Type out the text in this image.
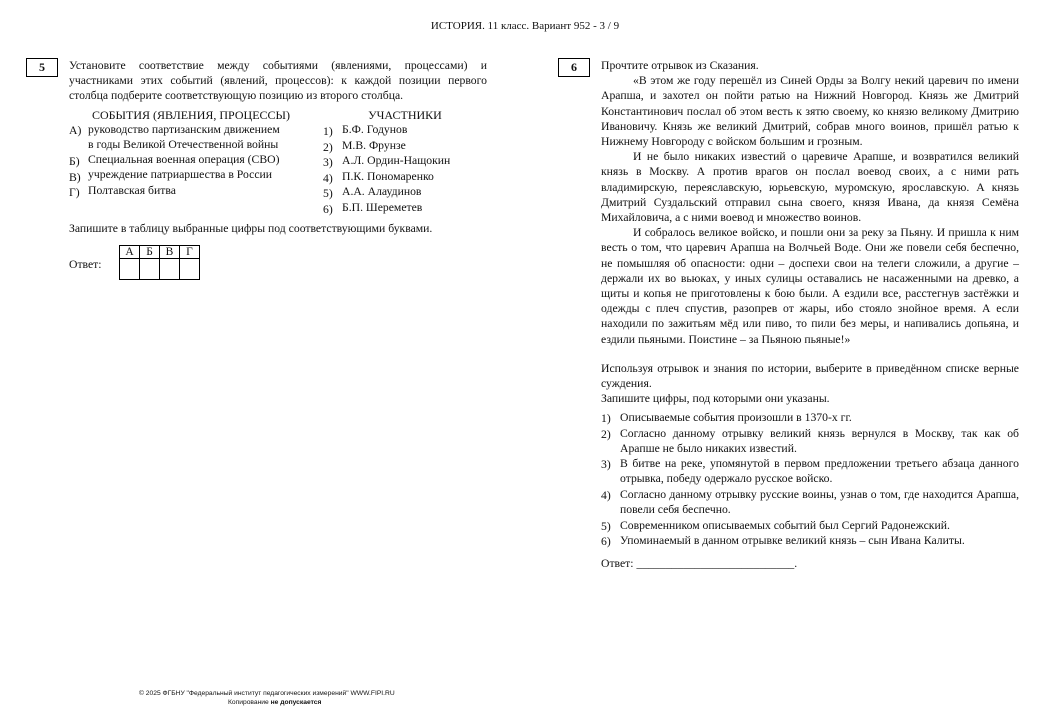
ИСТОРИЯ. 11 класс. Вариант 952 - 3 / 9
5	Установите соответствие между событиями (явлениями, процессами) и участниками этих событий (явлений, процессов): к каждой позиции первого столбца подберите соответствующую позицию из второго столбца.
СОБЫТИЯ (ЯВЛЕНИЯ, ПРОЦЕССЫ)	УЧАСТНИКИ
А) руководство партизанским движением
в годы Великой Отечественной войны
Б) Специальная военная операция (СВО)
В) учреждение патриаршества в России
Г) Полтавская битва
1) Б.Ф. Годунов
2) М.В. Фрунзе
3) А.Л. Ордин-Нащокин
4) П.К. Пономаренко
5) А.А. Алаудинов
6) Б.П. Шереметев
Запишите в таблицу выбранные цифры под соответствующими буквами.
Ответ:
А	Б	В	Г

6	Прочтите отрывок из Сказания.
«В этом же году перешёл из Синей Орды за Волгу некий царевич по имени Арапша, и захотел он пойти ратью на Нижний Новгород. Князь же Дмитрий Константинович послал об этом весть к зятю своему, ко князю великому Дмитрию Ивановичу. Князь же великий Дмитрий, собрав много воинов, пришёл ратью к Нижнему Новгороду с войском большим и грозным.
И не было никаких известий о царевиче Арапше, и возвратился великий князь в Москву. А против врагов он послал воевод своих, а с ними рать владимирскую, переяславскую, юрьевскую, муромскую, ярославскую. А князь Дмитрий Суздальский отправил сына своего, князя Ивана, да князя Семёна Михайловича, а с ними воевод и множество воинов.
И собралось великое войско, и пошли они за реку за Пьяну. И пришла к ним весть о том, что царевич Арапша на Волчьей Воде. Они же повели себя беспечно, не помышляя об опасности: одни – доспехи свои на телеги сложили, а другие – держали их во вьюках, у иных сулицы оставались не насаженными на древко, а щиты и копья не приготовлены к бою были. А ездили все, расстегнув застёжки и одежды с плеч спустив, разопрев от жары, ибо стояло знойное время. А если находили по зажитьям мёд или пиво, то пили без меры, и напивались допьяна, и ездили пьяными. Поистине – за Пьяною пьяные!»
Используя отрывок и знания по истории, выберите в приведённом списке верные суждения.
Запишите цифры, под которыми они указаны.
1) Описываемые события произошли в 1370-х гг.
2) Согласно данному отрывку великий князь вернулся в Москву, так как об Арапше не было никаких известий.
3) В битве на реке, упомянутой в первом предложении третьего абзаца данного отрывка, победу одержало русское войско.
4) Согласно данному отрывку русские воины, узнав о том, где находится Арапша, повели себя беспечно.
5) Современником описываемых событий был Сергий Радонежский.
6) Упоминаемый в данном отрывке великий князь – сын Ивана Калиты.
Ответ: ___________________________.
© 2025 ФГБНУ "Федеральный институт педагогических измерений" WWW.FIPI.RU
Копирование не допускается
